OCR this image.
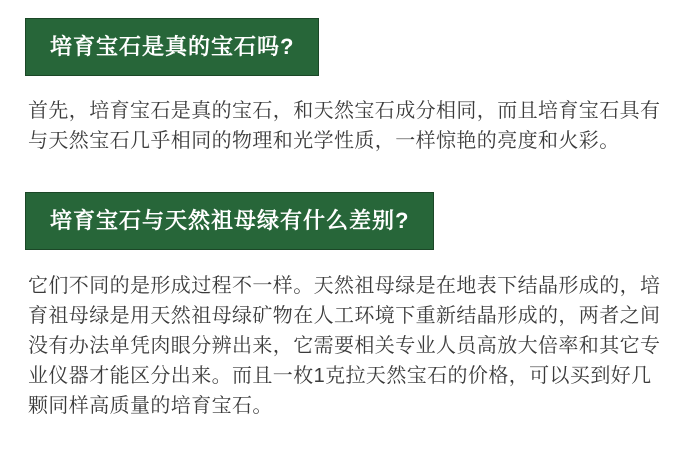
培育宝石是真的宝石吗?

首先，培育宝石是真的宝石，和天然宝石成分相同，而且培育宝石具有
与天然宝石几乎相同的物理和光学性质，一样惊艳的亮度和火彩。

培育宝石与天然祖母绿有什么差别?

它们不同的是形成过程不一样。天然祖母绿是在地表下结晶形成的，培
育祖母绿是用天然祖母绿矿物在人工环境下重新结晶形成的，两者之间
没有办法单凭肉眼分辨出来，它需要相关专业人员高放大倍率和其它专
业仪器才能区分出来。而且一枚1克拉天然宝石的价格，可以买到好几
颗同样高质量的培育宝石。
